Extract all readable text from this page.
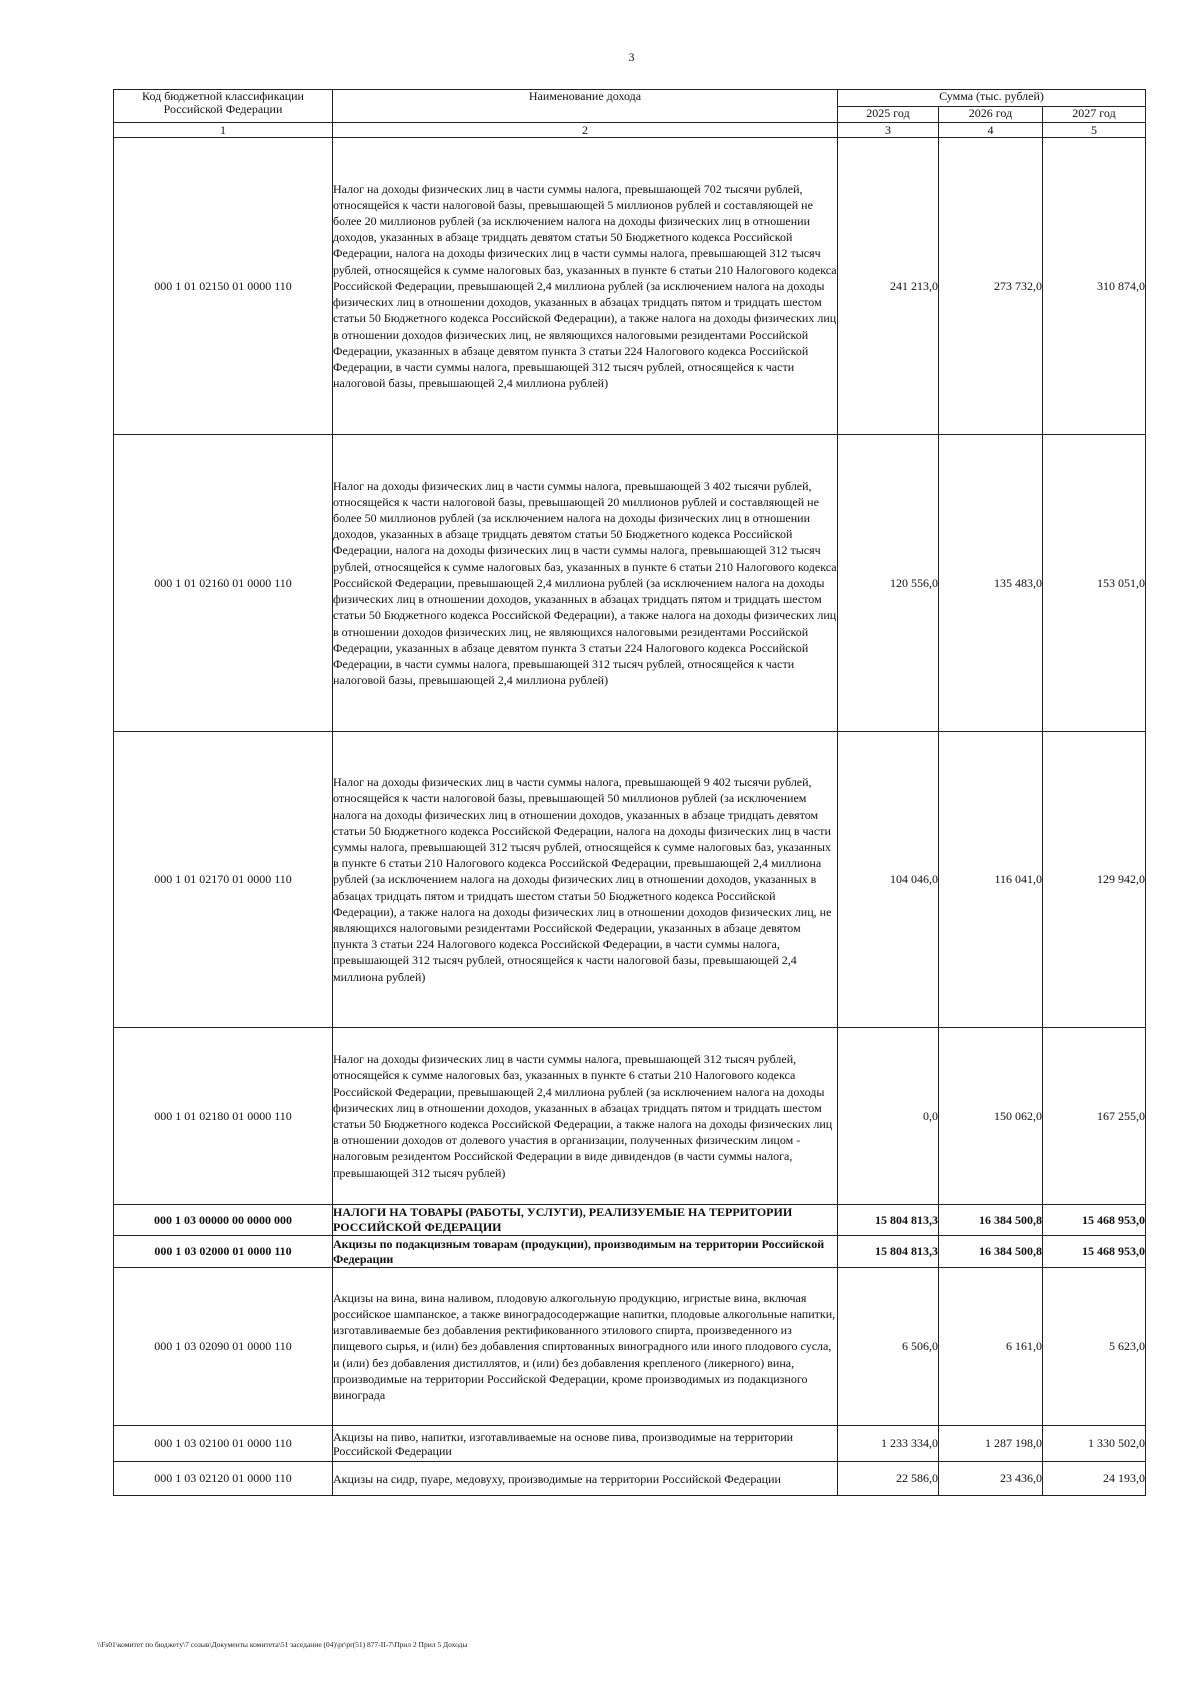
3
Код бюджетной классификации Российской Федерации	Наименование дохода	Сумма (тыс. рублей)		
		2025 год	2026 год	2027 год
1	2	3	4	5
000 1 01 02150 01 0000 110	Налог на доходы физических лиц в части суммы налога, превышающей 702 тысячи рублей, относящейся к части налоговой базы, превышающей 5 миллионов рублей и составляющей не более 20 миллионов рублей (за исключением налога на доходы физических лиц в отношении доходов, указанных в абзаце тридцать девятом статьи 50 Бюджетного кодекса Российской Федерации, налога на доходы физических лиц в части суммы налога, превышающей 312 тысяч рублей, относящейся к сумме налоговых баз, указанных в пункте 6 статьи 210 Налогового кодекса Российской Федерации, превышающей 2,4 миллиона рублей (за исключением налога на доходы физических лиц в отношении доходов, указанных в абзацах тридцать пятом и тридцать шестом статьи 50 Бюджетного кодекса Российской Федерации), а также налога на доходы физических лиц в отношении доходов физических лиц, не являющихся налоговыми резидентами Российской Федерации, указанных в абзаце девятом пункта 3 статьи 224 Налогового кодекса Российской Федерации, в части суммы налога, превышающей 312 тысяч рублей, относящейся к части налоговой базы, превышающей 2,4 миллиона рублей)	241 213,0	273 732,0	310 874,0
000 1 01 02160 01 0000 110	Налог на доходы физических лиц в части суммы налога, превышающей 3 402 тысячи рублей, относящейся к части налоговой базы, превышающей 20 миллионов рублей и составляющей не более 50 миллионов рублей (за исключением налога на доходы физических лиц в отношении доходов, указанных в абзаце тридцать девятом статьи 50 Бюджетного кодекса Российской Федерации, налога на доходы физических лиц в части суммы налога, превышающей 312 тысяч рублей, относящейся к сумме налоговых баз, указанных в пункте 6 статьи 210 Налогового кодекса Российской Федерации, превышающей 2,4 миллиона рублей (за исключением налога на доходы физических лиц в отношении доходов, указанных в абзацах тридцать пятом и тридцать шестом статьи 50 Бюджетного кодекса Российской Федерации), а также налога на доходы физических лиц в отношении доходов физических лиц, не являющихся налоговыми резидентами Российской Федерации, указанных в абзаце девятом пункта 3 статьи 224 Налогового кодекса Российской Федерации, в части суммы налога, превышающей 312 тысяч рублей, относящейся к части налоговой базы, превышающей 2,4 миллиона рублей)	120 556,0	135 483,0	153 051,0
000 1 01 02170 01 0000 110	Налог на доходы физических лиц в части суммы налога, превышающей 9 402 тысячи рублей, относящейся к части налоговой базы, превышающей 50 миллионов рублей (за исключением налога на доходы физических лиц в отношении доходов, указанных в абзаце тридцать девятом статьи 50 Бюджетного кодекса Российской Федерации, налога на доходы физических лиц в части суммы налога, превышающей 312 тысяч рублей, относящейся к сумме налоговых баз, указанных в пункте 6 статьи 210 Налогового кодекса Российской Федерации, превышающей 2,4 миллиона рублей (за исключением налога на доходы физических лиц в отношении доходов, указанных в абзацах тридцать пятом и тридцать шестом статьи 50 Бюджетного кодекса Российской Федерации), а также налога на доходы физических лиц в отношении доходов физических лиц, не являющихся налоговыми резидентами Российской Федерации, указанных в абзаце девятом пункта 3 статьи 224 Налогового кодекса Российской Федерации, в части суммы налога, превышающей 312 тысяч рублей, относящейся к части налоговой базы, превышающей 2,4 миллиона рублей)	104 046,0	116 041,0	129 942,0
000 1 01 02180 01 0000 110	Налог на доходы физических лиц в части суммы налога, превышающей 312 тысяч рублей, относящейся к сумме налоговых баз, указанных в пункте 6 статьи 210 Налогового кодекса Российской Федерации, превышающей 2,4 миллиона рублей (за исключением налога на доходы физических лиц в отношении доходов, указанных в абзацах тридцать пятом и тридцать шестом статьи 50 Бюджетного кодекса Российской Федерации, а также налога на доходы физических лиц в отношении доходов от долевого участия в организации, полученных физическим лицом - налоговым резидентом Российской Федерации в виде дивидендов (в части суммы налога, превышающей 312 тысяч рублей)	0,0	150 062,0	167 255,0
000 1 03 00000 00 0000 000	НАЛОГИ НА ТОВАРЫ (РАБОТЫ, УСЛУГИ), РЕАЛИЗУЕМЫЕ НА ТЕРРИТОРИИ РОССИЙСКОЙ ФЕДЕРАЦИИ	15 804 813,3	16 384 500,8	15 468 953,0
000 1 03 02000 01 0000 110	Акцизы по подакцизным товарам (продукции), производимым на территории Российской Федерации	15 804 813,3	16 384 500,8	15 468 953,0
000 1 03 02090 01 0000 110	Акцизы на вина, вина наливом, плодовую алкогольную продукцию, игристые вина, включая российское шампанское, а также виноградосодержащие напитки, плодовые алкогольные напитки, изготавливаемые без добавления ректификованного этилового спирта, произведенного из пищевого сырья, и (или) без добавления спиртованных виноградного или иного плодового сусла, и (или) без добавления дистиллятов, и (или) без добавления крепленого (ликерного) вина, производимые на территории Российской Федерации, кроме производимых из подакцизного винограда	6 506,0	6 161,0	5 623,0
000 1 03 02100 01 0000 110	Акцизы на пиво, напитки, изготавливаемые на основе пива, производимые на территории Российской Федерации	1 233 334,0	1 287 198,0	1 330 502,0
000 1 03 02120 01 0000 110	Акцизы на сидр, пуаре, медовуху, производимые на территории Российской Федерации	22 586,0	23 436,0	24 193,0
\\Fs01\комитет по бюджету\7 созыв\Документы комитета\51 заседание (04)\pr\pr(51) 877-II-7\Прил 2 Прил 5 Доходы
